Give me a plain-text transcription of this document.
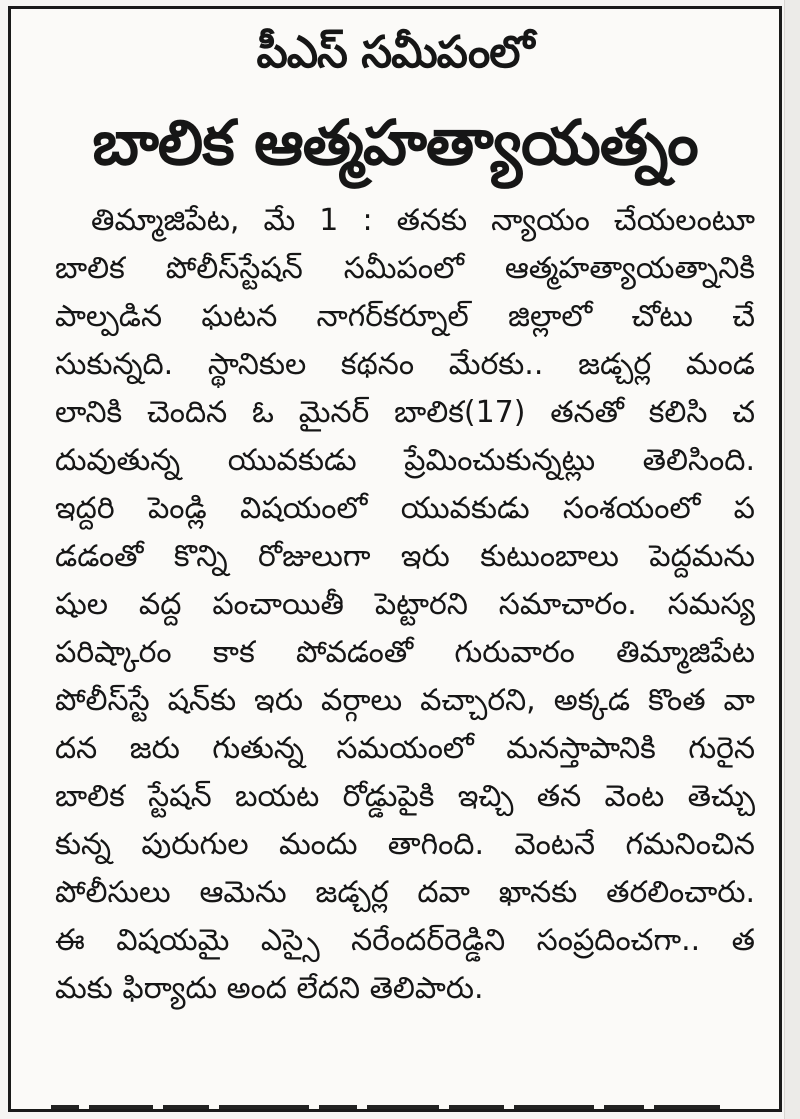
పీఎస్ సమీపంలో
బాలిక ఆత్మహత్యాయత్నం
తిమ్మాజిపేట, మే 1 : తనకు న్యాయం చేయలంటూ
బాలిక పోలీస్‌స్టేషన్ సమీపంలో ఆత్మహత్యాయత్నానికి
పాల్పడిన ఘటన నాగర్‌కర్నూల్ జిల్లాలో చోటు చే
సుకున్నది. స్థానికుల కథనం మేరకు.. జడ్చర్ల మండ
లానికి చెందిన ఓ మైనర్ బాలిక(17) తనతో కలిసి చ
దువుతున్న యువకుడు ప్రేమించుకున్నట్లు తెలిసింది.
ఇద్దరి పెండ్లి విషయంలో యువకుడు సంశయంలో ప
డడంతో కొన్ని రోజులుగా ఇరు కుటుంబాలు పెద్దమను
షుల వద్ద పంచాయితీ పెట్టారని సమాచారం. సమస్య
పరిష్కారం కాక పోవడంతో గురువారం తిమ్మాజిపేట
పోలీస్‌స్టే షన్‌కు ఇరు వర్గాలు వచ్చారని, అక్కడ కొంత వా
దన జరు గుతున్న సమయంలో మనస్తాపానికి గురైన
బాలిక స్టేషన్ బయట రోడ్డుపైకి ఇచ్చి తన వెంట తెచ్చు
కున్న పురుగుల మందు తాగింది. వెంటనే గమనించిన
పోలీసులు ఆమెను జడ్చర్ల దవా ఖానకు తరలించారు.
ఈ విషయమై ఎస్సై నరేందర్‌రెడ్డిని సంప్రదించగా.. త
మకు ఫిర్యాదు అంద లేదని తెలిపారు.
